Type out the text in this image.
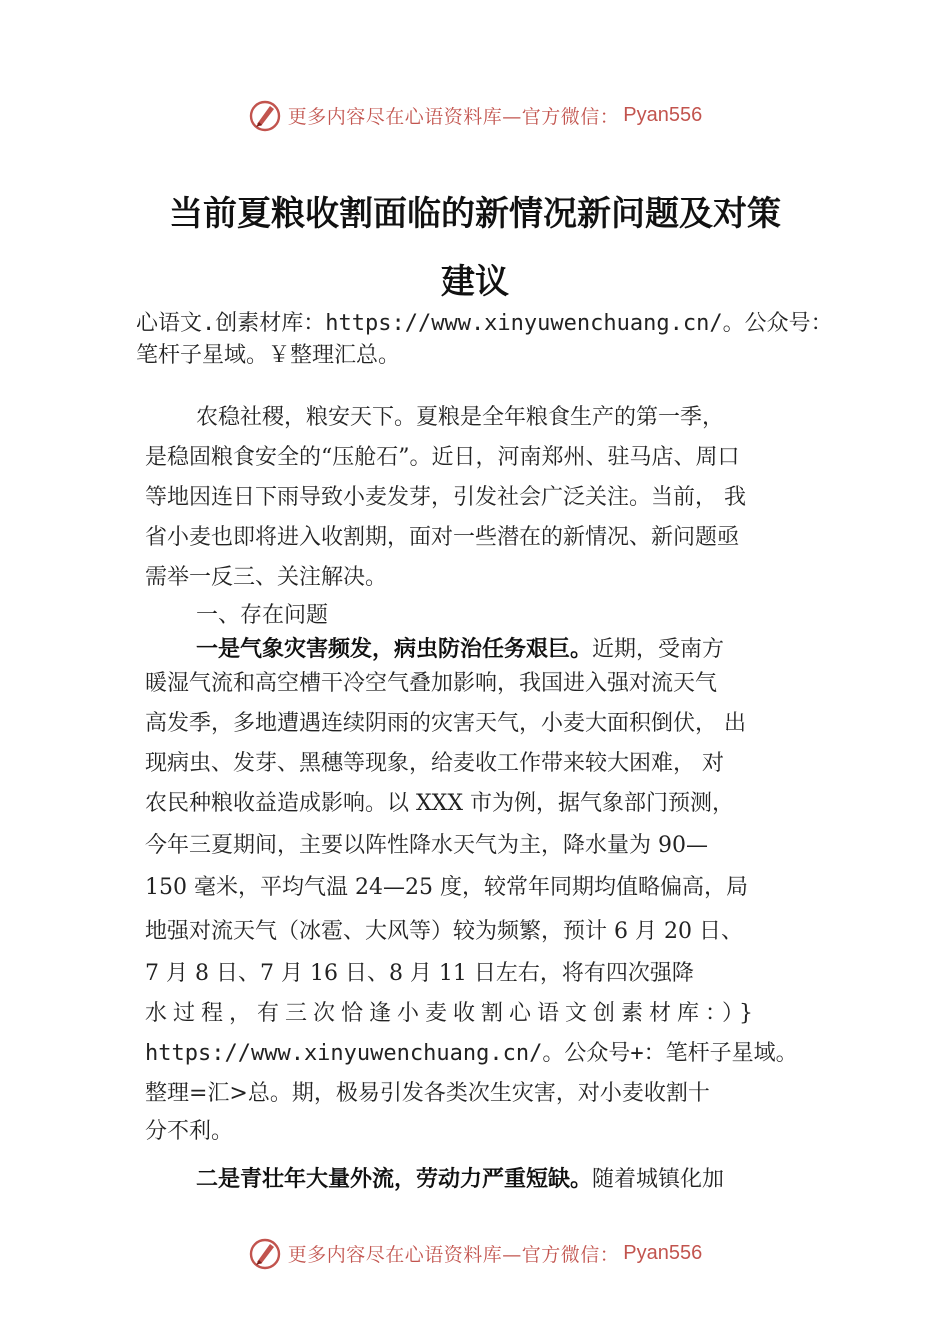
更多内容尽在心语资料库—官方微信： Pyan556
当前夏粮收割面临的新情况新问题及对策
建议
心语文.创素材库：https://www.xinyuwenchuang.cn/。公众号：
笔杆子星域。￥整理汇总。
农稳社稷，粮安天下。夏粮是全年粮食生产的第一季，
是稳固粮食安全的“压舱石”。近日，河南郑州、驻马店、周口
等地因连日下雨导致小麦发芽，引发社会广泛关注。当前， 我
省小麦也即将进入收割期，面对一些潜在的新情况、新问题亟
需举一反三、关注解决。
一、存在问题
一是气象灾害频发，病虫防治任务艰巨。近期，受南方
暖湿气流和高空槽干冷空气叠加影响，我国进入强对流天气
高发季，多地遭遇连续阴雨的灾害天气，小麦大面积倒伏， 出
现病虫、发芽、黑穗等现象，给麦收工作带来较大困难， 对
农民种粮收益造成影响。以 XXX 市为例，据气象部门预测，
今年三夏期间，主要以阵性降水天气为主，降水量为 90—
150 毫米，平均气温 24—25 度，较常年同期均值略偏高，局
地强对流天气（冰雹、大风等）较为频繁，预计 6 月 20 日、
7 月 8 日、7 月 16 日、8 月 11 日左右，将有四次强降
水过程，有三次恰逢小麦收割心语文创素材库：）}
https://www.xinyuwenchuang.cn/。公众号+：笔杆子星域。
整理=汇>总。期，极易引发各类次生灾害，对小麦收割十
分不利。
二是青壮年大量外流，劳动力严重短缺。随着城镇化加
更多内容尽在心语资料库—官方微信： Pyan556
